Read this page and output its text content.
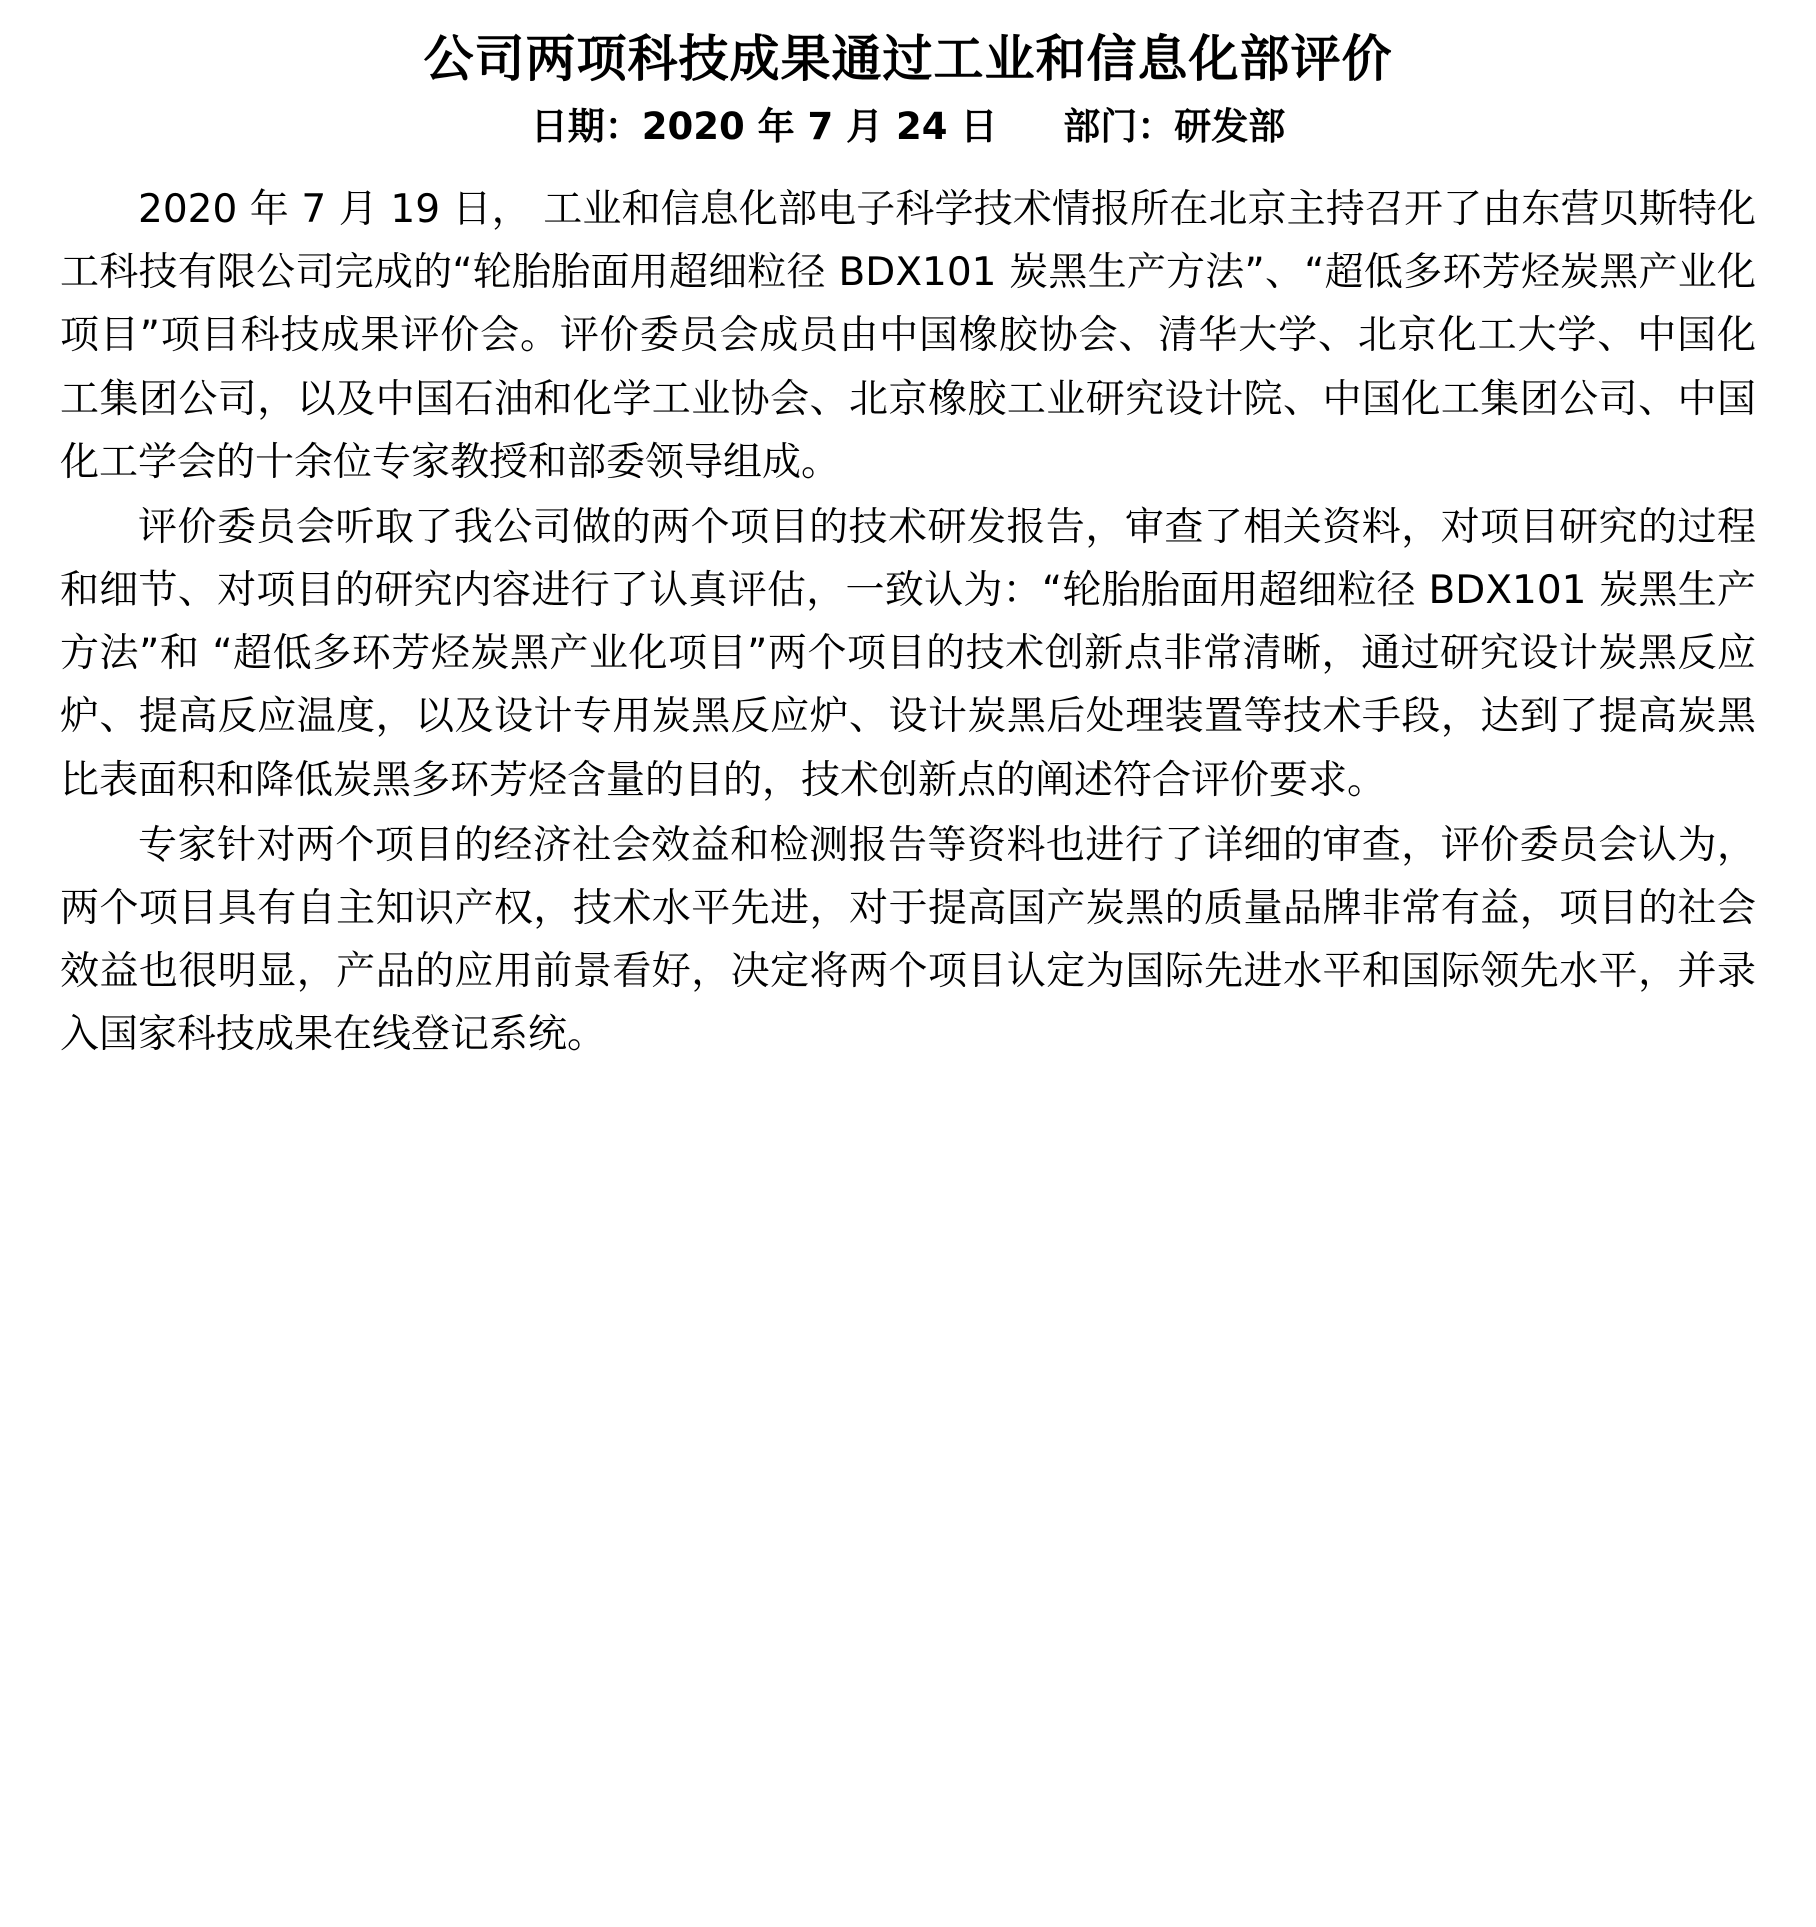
公司两项科技成果通过工业和信息化部评价
日期：2020 年 7 月 24 日 部门：研发部

2020 年 7 月 19 日， 工业和信息化部电子科学技术情报所在北京主持召开了由东营贝斯特化工科技有限公司完成的“轮胎胎面用超细粒径 BDX101 炭黑生产方法”、“超低多环芳烃炭黑产业化项目”项目科技成果评价会。评价委员会成员由中国橡胶协会、清华大学、北京化工大学、中国化工集团公司，以及中国石油和化学工业协会、北京橡胶工业研究设计院、中国化工集团公司、中国化工学会的十余位专家教授和部委领导组成。

评价委员会听取了我公司做的两个项目的技术研发报告，审查了相关资料，对项目研究的过程和细节、对项目的研究内容进行了认真评估，一致认为：“轮胎胎面用超细粒径 BDX101 炭黑生产方法”和 “超低多环芳烃炭黑产业化项目”两个项目的技术创新点非常清晰，通过研究设计炭黑反应炉、提高反应温度，以及设计专用炭黑反应炉、设计炭黑后处理装置等技术手段，达到了提高炭黑比表面积和降低炭黑多环芳烃含量的目的，技术创新点的阐述符合评价要求。

专家针对两个项目的经济社会效益和检测报告等资料也进行了详细的审查，评价委员会认为，两个项目具有自主知识产权，技术水平先进，对于提高国产炭黑的质量品牌非常有益，项目的社会效益也很明显，产品的应用前景看好，决定将两个项目认定为国际先进水平和国际领先水平，并录入国家科技成果在线登记系统。
